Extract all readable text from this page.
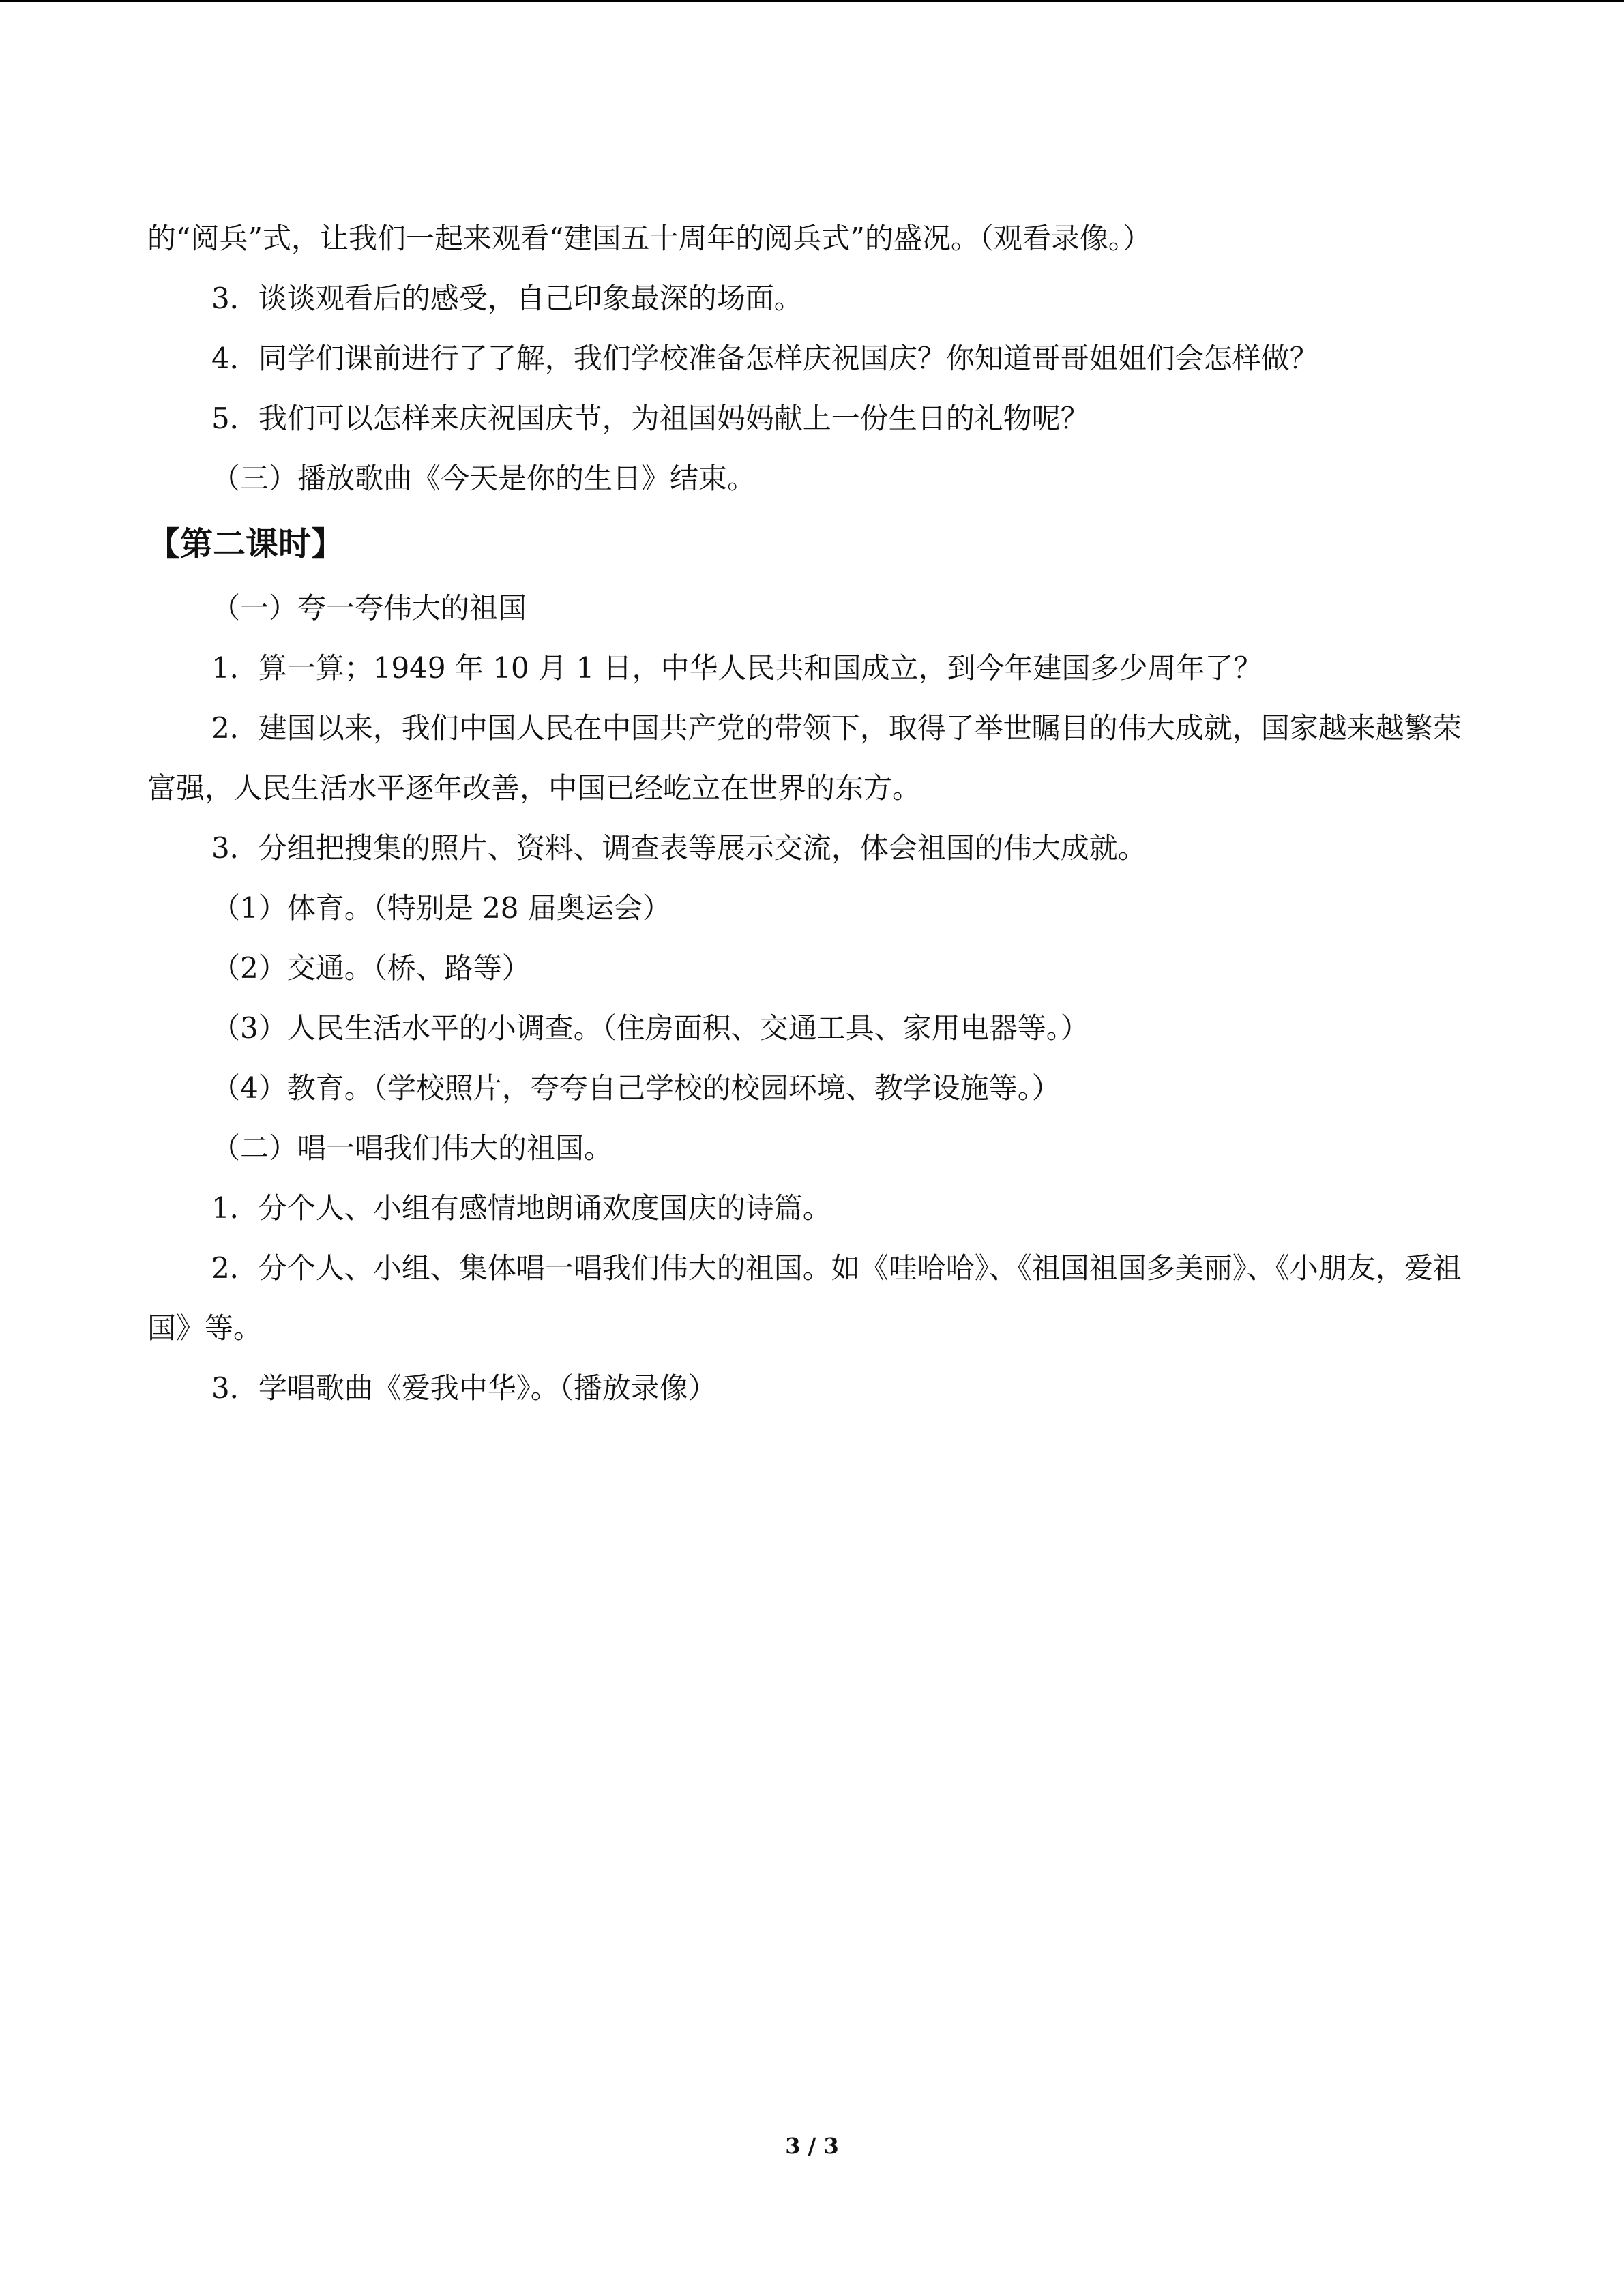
的“阅兵”式，让我们一起来观看“建国五十周年的阅兵式”的盛况。（观看录像。）

3．谈谈观看后的感受，自己印象最深的场面。

4．同学们课前进行了了解，我们学校准备怎样庆祝国庆？你知道哥哥姐姐们会怎样做？

5．我们可以怎样来庆祝国庆节，为祖国妈妈献上一份生日的礼物呢？

（三）播放歌曲《今天是你的生日》结束。

【第二课时】

（一）夸一夸伟大的祖国

1．算一算；1949 年 10 月 1 日，中华人民共和国成立，到今年建国多少周年了？

2．建国以来，我们中国人民在中国共产党的带领下，取得了举世瞩目的伟大成就，国家越来越繁荣富强，人民生活水平逐年改善，中国已经屹立在世界的东方。

3．分组把搜集的照片、资料、调查表等展示交流，体会祖国的伟大成就。

（1）体育。（特别是 28 届奥运会）

（2）交通。（桥、路等）

（3）人民生活水平的小调查。（住房面积、交通工具、家用电器等。）

（4）教育。（学校照片，夸夸自己学校的校园环境、教学设施等。）

（二）唱一唱我们伟大的祖国。

1．分个人、小组有感情地朗诵欢度国庆的诗篇。

2．分个人、小组、集体唱一唱我们伟大的祖国。如《哇哈哈》、《祖国祖国多美丽》、《小朋友，爱祖国》等。

3．学唱歌曲《爱我中华》。（播放录像）

3 / 3
